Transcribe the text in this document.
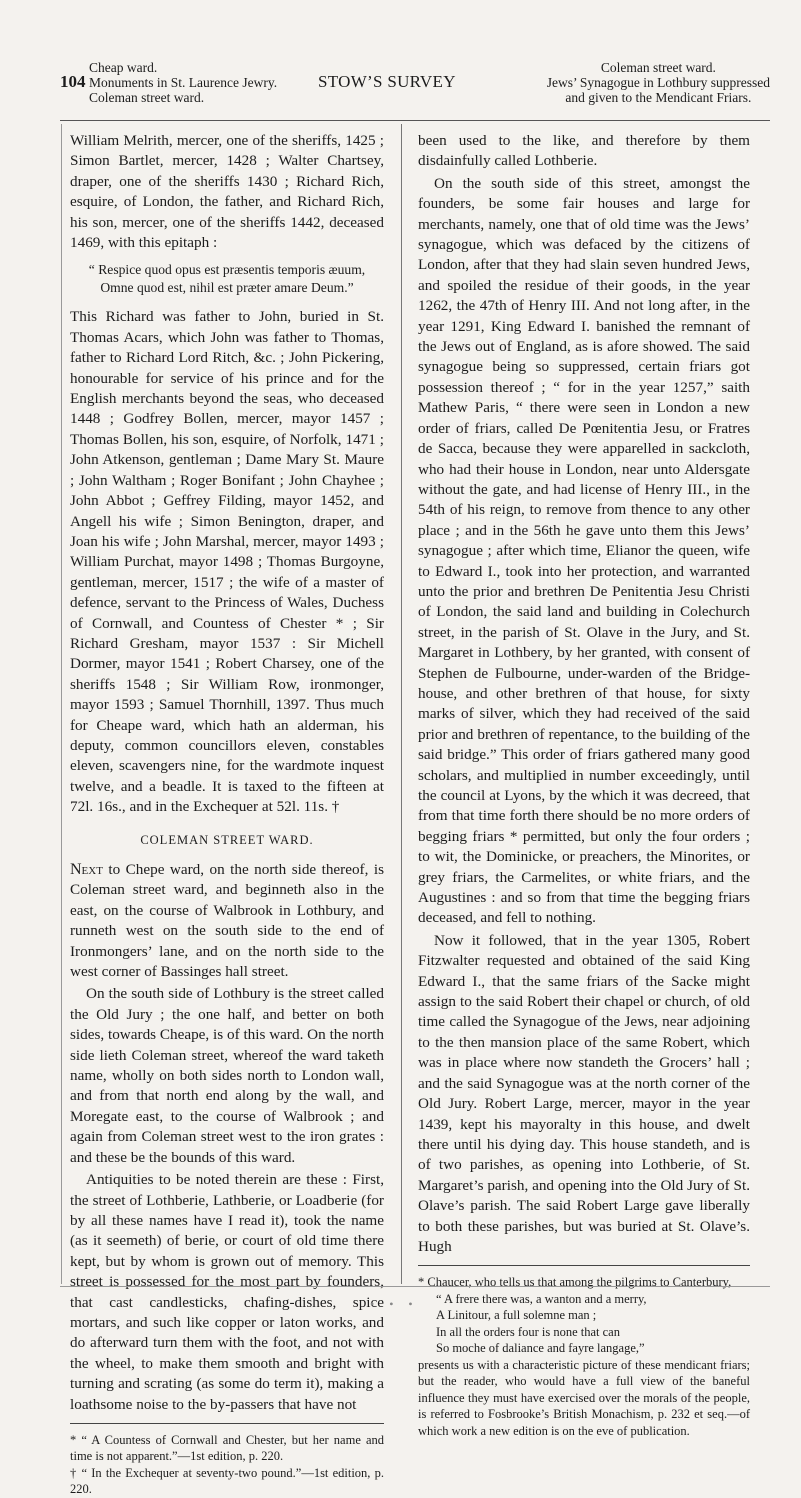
104
Cheap ward.
Monuments in St. Laurence Jewry.
Coleman street ward.
STOW’S SURVEY
Coleman street ward.
Jews’ Synagogue in Lothbury suppressed
and given to the Mendicant Friars.

William Melrith, mercer, one of the sheriffs, 1425 ; Simon Bartlet, mercer, 1428 ; Walter Chartsey, draper, one of the sheriffs 1430 ; Richard Rich, esquire, of London, the father, and Richard Rich, his son, mercer, one of the sheriffs 1442, deceased 1469, with this epitaph :

“ Respice quod opus est præsentis temporis æuum,
Omne quod est, nihil est præter amare Deum.”

This Richard was father to John, buried in St. Thomas Acars, which John was father to Thomas, father to Richard Lord Ritch, &c. ; John Pickering, honourable for service of his prince and for the English merchants beyond the seas, who deceased 1448 ; Godfrey Bollen, mercer, mayor 1457 ; Thomas Bollen, his son, esquire, of Norfolk, 1471 ; John Atkenson, gentleman ; Dame Mary St. Maure ; John Waltham ; Roger Bonifant ; John Chayhee ; John Abbot ; Geffrey Filding, mayor 1452, and Angell his wife ; Simon Benington, draper, and Joan his wife ; John Marshal, mercer, mayor 1493 ; William Purchat, mayor 1498 ; Thomas Burgoyne, gentleman, mercer, 1517 ; the wife of a master of defence, servant to the Princess of Wales, Duchess of Cornwall, and Countess of Chester * ; Sir Richard Gresham, mayor 1537 : Sir Michell Dormer, mayor 1541 ; Robert Charsey, one of the sheriffs 1548 ; Sir William Row, ironmonger, mayor 1593 ; Samuel Thornhill, 1397. Thus much for Cheape ward, which hath an alderman, his deputy, common councillors eleven, constables eleven, scavengers nine, for the wardmote inquest twelve, and a beadle. It is taxed to the fifteen at 72l. 16s., and in the Exchequer at 52l. 11s. †

COLEMAN STREET WARD.

Next to Chepe ward, on the north side thereof, is Coleman street ward, and beginneth also in the east, on the course of Walbrook in Lothbury, and runneth west on the south side to the end of Ironmongers’ lane, and on the north side to the west corner of Bassinges hall street.

On the south side of Lothbury is the street called the Old Jury ; the one half, and better on both sides, towards Cheape, is of this ward. On the north side lieth Coleman street, whereof the ward taketh name, wholly on both sides north to London wall, and from that north end along by the wall, and Moregate east, to the course of Walbrook ; and again from Coleman street west to the iron grates : and these be the bounds of this ward.

Antiquities to be noted therein are these : First, the street of Lothberie, Lathberie, or Loadberie (for by all these names have I read it), took the name (as it seemeth) of berie, or court of old time there kept, but by whom is grown out of memory. This street is possessed for the most part by founders, that cast candlesticks, chafing-dishes, spice mortars, and such like copper or laton works, and do afterward turn them with the foot, and not with the wheel, to make them smooth and bright with turning and scrating (as some do term it), making a loathsome noise to the by-passers that have not

* “ A Countess of Cornwall and Chester, but her name and time is not apparent.”—1st edition, p. 220.

† “ In the Exchequer at seventy-two pound.”—1st edition, p. 220.

been used to the like, and therefore by them disdainfully called Lothberie.

On the south side of this street, amongst the founders, be some fair houses and large for merchants, namely, one that of old time was the Jews’ synagogue, which was defaced by the citizens of London, after that they had slain seven hundred Jews, and spoiled the residue of their goods, in the year 1262, the 47th of Henry III. And not long after, in the year 1291, King Edward I. banished the remnant of the Jews out of England, as is afore showed. The said synagogue being so suppressed, certain friars got possession thereof ; “ for in the year 1257,” saith Mathew Paris, “ there were seen in London a new order of friars, called De Pœnitentia Jesu, or Fratres de Sacca, because they were apparelled in sackcloth, who had their house in London, near unto Aldersgate without the gate, and had license of Henry III., in the 54th of his reign, to remove from thence to any other place ; and in the 56th he gave unto them this Jews’ synagogue ; after which time, Elianor the queen, wife to Edward I., took into her protection, and warranted unto the prior and brethren De Penitentia Jesu Christi of London, the said land and building in Colechurch street, in the parish of St. Olave in the Jury, and St. Margaret in Lothbery, by her granted, with consent of Stephen de Fulbourne, under-warden of the Bridge-house, and other brethren of that house, for sixty marks of silver, which they had received of the said prior and brethren of repentance, to the building of the said bridge.” This order of friars gathered many good scholars, and multiplied in number exceedingly, until the council at Lyons, by the which it was decreed, that from that time forth there should be no more orders of begging friars * permitted, but only the four orders ; to wit, the Dominicke, or preachers, the Minorites, or grey friars, the Carmelites, or white friars, and the Augustines : and so from that time the begging friars deceased, and fell to nothing.

Now it followed, that in the year 1305, Robert Fitzwalter requested and obtained of the said King Edward I., that the same friars of the Sacke might assign to the said Robert their chapel or church, of old time called the Synagogue of the Jews, near adjoining to the then mansion place of the same Robert, which was in place where now standeth the Grocers’ hall ; and the said Synagogue was at the north corner of the Old Jury. Robert Large, mercer, mayor in the year 1439, kept his mayoralty in this house, and dwelt there until his dying day. This house standeth, and is of two parishes, as opening into Lothberie, of St. Margaret’s parish, and opening into the Old Jury of St. Olave’s parish. The said Robert Large gave liberally to both these parishes, but was buried at St. Olave’s. Hugh

* Chaucer, who tells us that among the pilgrims to Canterbury,

“ A frere there was, a wanton and a merry,
A Linitour, a full solemne man ;
In all the orders four is none that can
So moche of daliance and fayre langage,”

presents us with a characteristic picture of these mendicant friars; but the reader, who would have a full view of the baneful influence they must have exercised over the morals of the people, is referred to Fosbrooke’s British Monachism, p. 232 et seq.—of which work a new edition is on the eve of publication.

• • •
